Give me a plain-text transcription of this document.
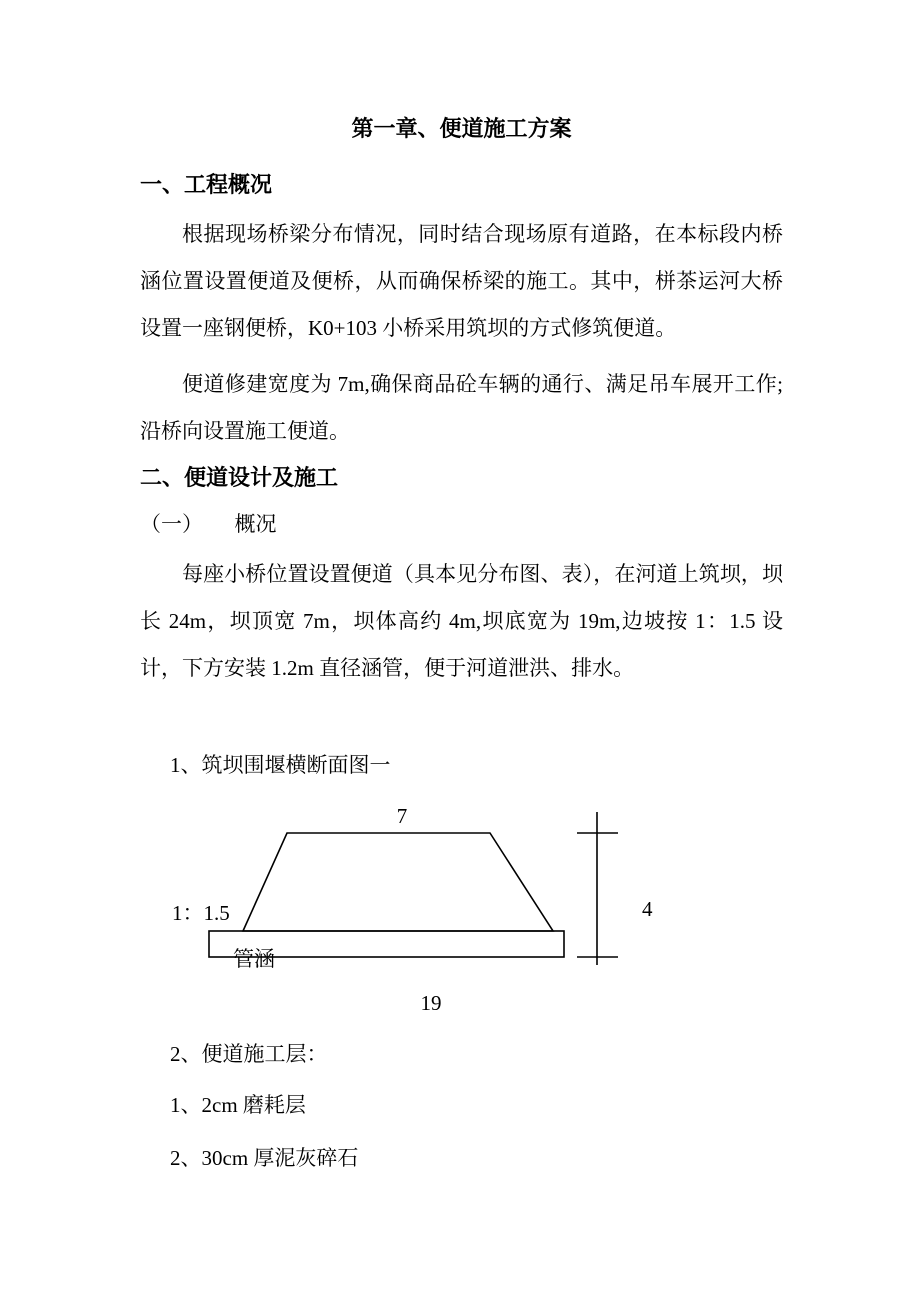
第一章、便道施工方案
一、工程概况

根据现场桥梁分布情况，同时结合现场原有道路，在本标段内桥涵位置设置便道及便桥，从而确保桥梁的施工。其中，栟茶运河大桥设置一座钢便桥，K0+103 小桥采用筑坝的方式修筑便道。

便道修建宽度为 7m,确保商品砼车辆的通行、满足吊车展开工作;沿桥向设置施工便道。

二、便道设计及施工
（一）　　概况

每座小桥位置设置便道（具本见分布图、表），在河道上筑坝，坝长 24m，坝顶宽 7m，坝体高约 4m,坝底宽为 19m,边坡按 1：1.5 设计，下方安装 1.2m 直径涵管，便于河道泄洪、排水。

1、筑坝围堰横断面图一
7
1：1.5	4
管涵
19
2、便道施工层：
1、2cm 磨耗层
2、30cm 厚泥灰碎石
